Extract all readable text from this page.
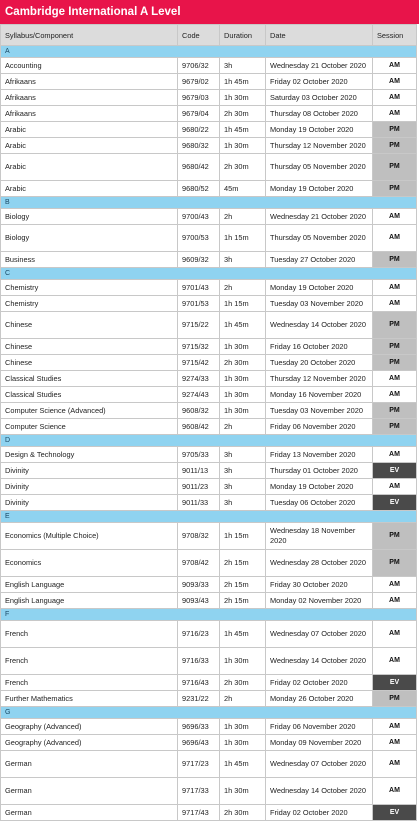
Cambridge International A Level
Syllabus/Component	Code	Duration	Date	Session
A				
Accounting	9706/32	3h	Wednesday 21 October 2020	AM
Afrikaans	9679/02	1h 45m	Friday 02 October 2020	AM
Afrikaans	9679/03	1h 30m	Saturday 03 October 2020	AM
Afrikaans	9679/04	2h 30m	Thursday 08 October 2020	AM
Arabic	9680/22	1h 45m	Monday 19 October 2020	PM
Arabic	9680/32	1h 30m	Thursday 12 November 2020	PM
Arabic	9680/42	2h 30m	Thursday 05 November 2020	PM
Arabic	9680/52	45m	Monday 19 October 2020	PM
B				
Biology	9700/43	2h	Wednesday 21 October 2020	AM
Biology	9700/53	1h 15m	Thursday 05 November 2020	AM
Business	9609/32	3h	Tuesday 27 October 2020	PM
C				
Chemistry	9701/43	2h	Monday 19 October 2020	AM
Chemistry	9701/53	1h 15m	Tuesday 03 November 2020	AM
Chinese	9715/22	1h 45m	Wednesday 14 October 2020	PM
Chinese	9715/32	1h 30m	Friday 16 October 2020	PM
Chinese	9715/42	2h 30m	Tuesday 20 October 2020	PM
Classical Studies	9274/33	1h 30m	Thursday 12 November 2020	AM
Classical Studies	9274/43	1h 30m	Monday 16 November 2020	AM
Computer Science (Advanced)	9608/32	1h 30m	Tuesday 03 November 2020	PM
Computer Science	9608/42	2h	Friday 06 November 2020	PM
D				
Design & Technology	9705/33	3h	Friday 13 November 2020	AM
Divinity	9011/13	3h	Thursday 01 October 2020	EV
Divinity	9011/23	3h	Monday 19 October 2020	AM
Divinity	9011/33	3h	Tuesday 06 October 2020	EV
E				
Economics (Multiple Choice)	9708/32	1h 15m	Wednesday 18 November 2020	PM
Economics	9708/42	2h 15m	Wednesday 28 October 2020	PM
English Language	9093/33	2h 15m	Friday 30 October 2020	AM
English Language	9093/43	2h 15m	Monday 02 November 2020	AM
F				
French	9716/23	1h 45m	Wednesday 07 October 2020	AM
French	9716/33	1h 30m	Wednesday 14 October 2020	AM
French	9716/43	2h 30m	Friday 02 October 2020	EV
Further Mathematics	9231/22	2h	Monday 26 October 2020	PM
G				
Geography (Advanced)	9696/33	1h 30m	Friday 06 November 2020	AM
Geography (Advanced)	9696/43	1h 30m	Monday 09 November 2020	AM
German	9717/23	1h 45m	Wednesday 07 October 2020	AM
German	9717/33	1h 30m	Wednesday 14 October 2020	AM
German	9717/43	2h 30m	Friday 02 October 2020	EV
